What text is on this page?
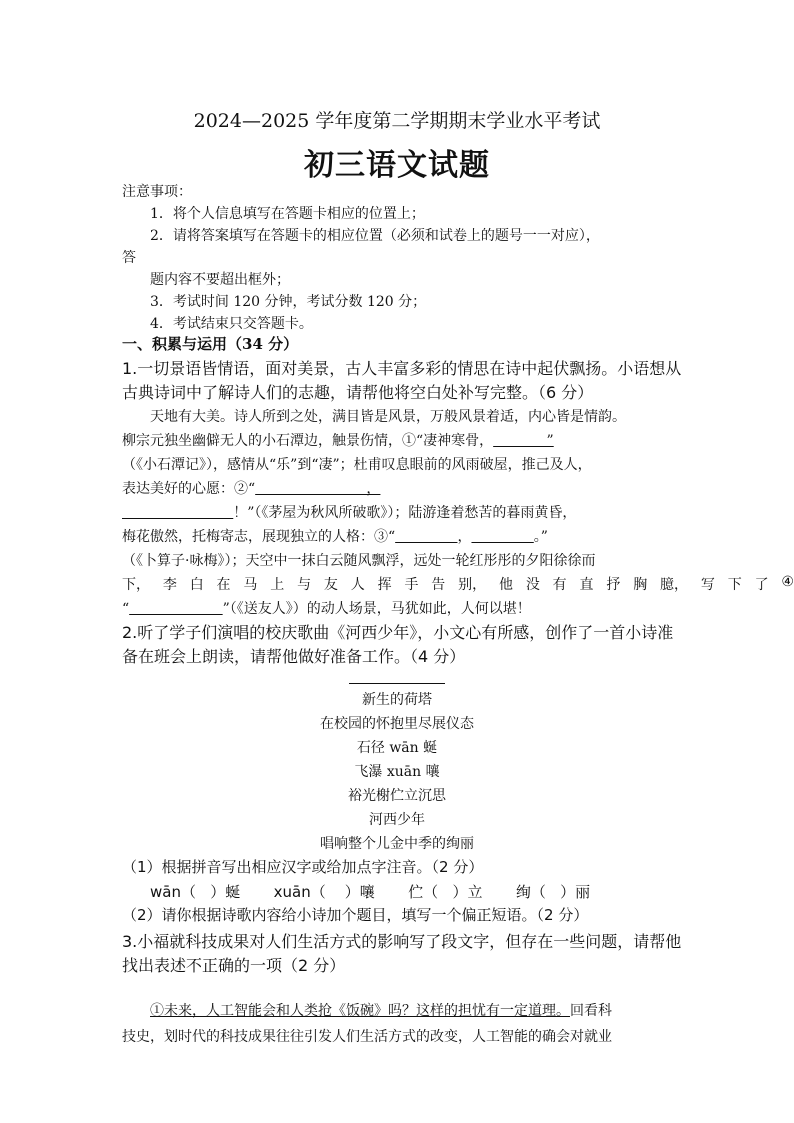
2024—2025 学年度第二学期期末学业水平考试
初三语文试题
注意事项：
1．将个人信息填写在答题卡相应的位置上；
2．请将答案填写在答题卡的相应位置（必须和试卷上的题号一一对应），
答
题内容不要超出框外；
3．考试时间 120 分钟，考试分数 120 分；
4．考试结束只交答题卡。
一、积累与运用（34 分）
1.一切景语皆情语，面对美景，古人丰富多彩的情思在诗中起伏飘扬。小语想从
古典诗词中了解诗人们的志趣，请帮他将空白处补写完整。（6 分）
天地有大美。诗人所到之处，满目皆是风景，万般风景着适，内心皆是情韵。
柳宗元独坐幽僻无人的小石潭边，触景伤情，①“凄神寒骨，            ”
（《小石潭记》），感情从“乐”到“凄”；杜甫叹息眼前的风雨破屋，推己及人，
表达美好的心愿：②“                         ，
！”（《茅屋为秋风所破歌》）；陆游逢着愁苦的暮雨黄昏，
梅花傲然，托梅寄志，展现独立的人格：③“	，	。”
（《卜算子·咏梅》）；天空中一抹白云随风飘浮，远处一轮红彤彤的夕阳徐徐而
下， 李 白 在 马 上 与 友 人 挥 手 告 别， 他 没 有 直 抒 胸 臆， 写 下 了 ④
“	”（《送友人》）的动人场景，马犹如此，人何以堪！
2.听了学子们演唱的校庆歌曲《河西少年》，小文心有所感，创作了一首小诗准
备在班会上朗读，请帮他做好准备工作。（4 分）
新生的荷塔
在校园的怀抱里尽展仪态
石径 wān 蜒
飞瀑 xuān 嚷
裕光榭伫立沉思
河西少年
唱响整个儿金中季的绚丽
（1）根据拼音写出相应汉字或给加点字注音。（2 分）
wān（   ）蜒       xuān（    ）嚷       伫（   ）立       绚（   ）丽
（2）请你根据诗歌内容给小诗加个题目，填写一个偏正短语。（2 分）
3.小福就科技成果对人们生活方式的影响写了段文字，但存在一些问题，请帮他
找出表述不正确的一项（2 分）
①未来，人工智能会和人类抢《饭碗》吗？这样的担忧有一定道理。回看科
技史，划时代的科技成果往往引发人们生活方式的改变，人工智能的确会对就业
